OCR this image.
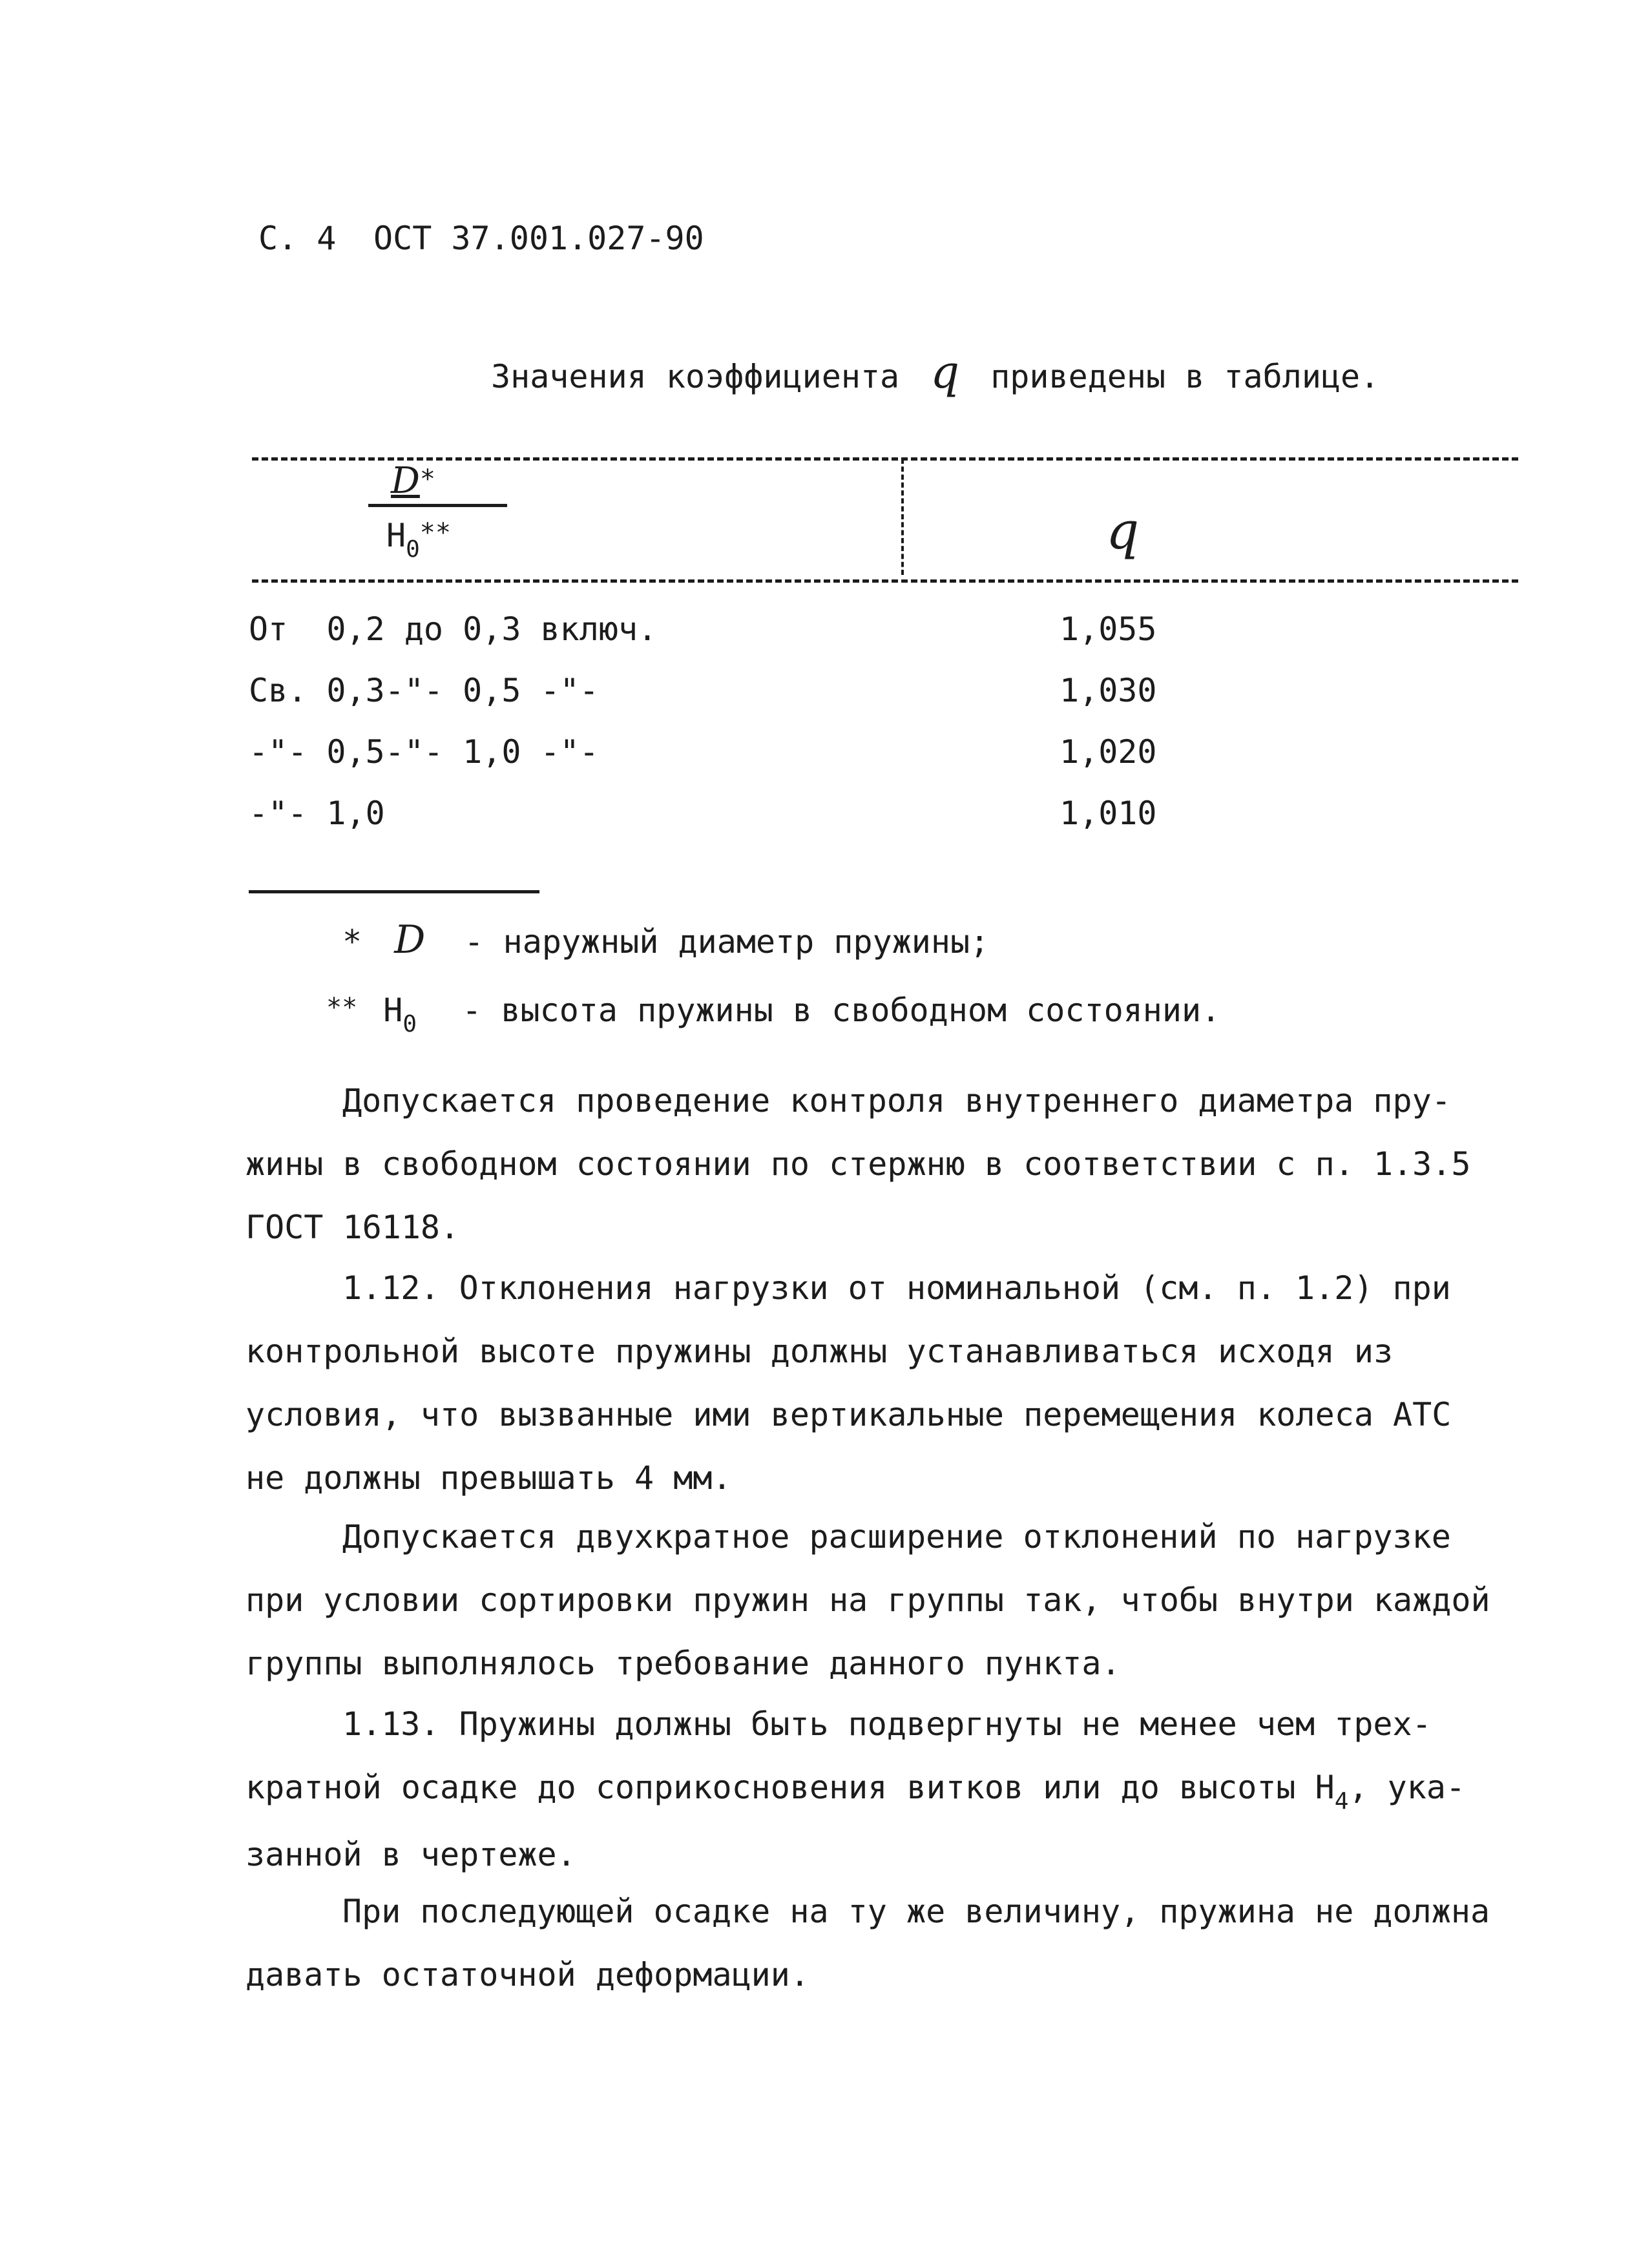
С. 4 ОСТ 37.001.027-90
Значения коэффициента q приведены в таблице.
D*
$H_0**$	q
От  0,2 до 0,3 включ.	1,055
Св. 0,3-"- 0,5 -"-	1,030
-"- 0,5-"- 1,0 -"-	1,020
-"- 1,0	1,010
* D - наружный диаметр пружины;
** $H_0$ - высота пружины в свободном состоянии.
Допускается проведение контроля внутреннего диаметра пру-
жины в свободном состоянии по стержню в соответствии с п. 1.3.5
ГОСТ 16118.
1.12. Отклонения нагрузки от номинальной (см. п. 1.2) при
контрольной высоте пружины должны устанавливаться исходя из
условия, что вызванные ими вертикальные перемещения колеса АТС
не должны превышать 4 мм.
Допускается двухкратное расширение отклонений по нагрузке
при условии сортировки пружин на группы так, чтобы внутри каждой
группы выполнялось требование данного пункта.
1.13. Пружины должны быть подвергнуты не менее чем трех-
кратной осадке до соприкосновения витков или до высоты $H_4$, ука-
занной в чертеже.
При последующей осадке на ту же величину, пружина не должна
давать остаточной деформации.
